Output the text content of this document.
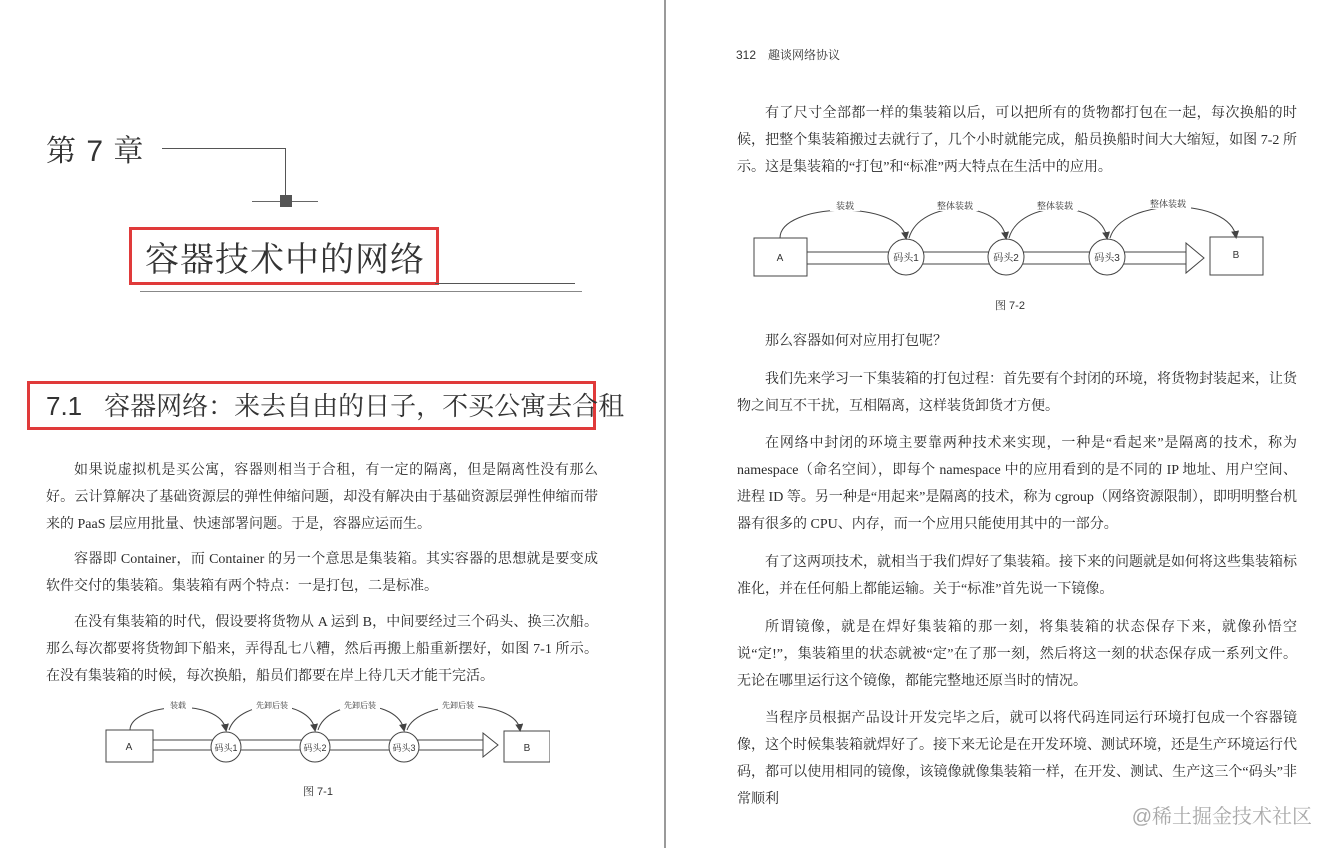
第 7 章
容器技术中的网络
7.1 容器网络：来去自由的日子，不买公寓去合租

如果说虚拟机是买公寓，容器则相当于合租，有一定的隔离，但是隔离性没有那么好。云计算解决了基础资源层的弹性伸缩问题，却没有解决由于基础资源层弹性伸缩而带来的 PaaS 层应用批量、快速部署问题。于是，容器应运而生。

容器即 Container，而 Container 的另一个意思是集装箱。其实容器的思想就是要变成软件交付的集装箱。集装箱有两个特点：一是打包，二是标准。

在没有集装箱的时代，假设要将货物从 A 运到 B，中间要经过三个码头、换三次船。那么每次都要将货物卸下船来，弄得乱七八糟，然后再搬上船重新摆好，如图 7-1 所示。在没有集装箱的时候，每次换船，船员们都要在岸上待几天才能干完活。

A	B
码头1	码头2	码头3
装载	先卸后装	先卸后装	先卸后装
图 7-1
312 趣谈网络协议

有了尺寸全部都一样的集装箱以后，可以把所有的货物都打包在一起，每次换船的时候，把整个集装箱搬过去就行了，几个小时就能完成，船员换船时间大大缩短，如图 7-2 所示。这是集装箱的“打包”和“标准”两大特点在生活中的应用。

A	B
码头1	码头2	码头3
装载	整体装载	整体装载	整体装载
图 7-2

那么容器如何对应用打包呢？

我们先来学习一下集装箱的打包过程：首先要有个封闭的环境，将货物封装起来，让货物之间互不干扰，互相隔离，这样装货卸货才方便。

在网络中封闭的环境主要靠两种技术来实现，一种是“看起来”是隔离的技术，称为 namespace（命名空间），即每个 namespace 中的应用看到的是不同的 IP 地址、用户空间、进程 ID 等。另一种是“用起来”是隔离的技术，称为 cgroup（网络资源限制），即明明整台机器有很多的 CPU、内存，而一个应用只能使用其中的一部分。

有了这两项技术，就相当于我们焊好了集装箱。接下来的问题就是如何将这些集装箱标准化，并在任何船上都能运输。关于“标准”首先说一下镜像。

所谓镜像，就是在焊好集装箱的那一刻，将集装箱的状态保存下来，就像孙悟空说“定!”，集装箱里的状态就被“定”在了那一刻，然后将这一刻的状态保存成一系列文件。无论在哪里运行这个镜像，都能完整地还原当时的情况。

当程序员根据产品设计开发完毕之后，就可以将代码连同运行环境打包成一个容器镜像，这个时候集装箱就焊好了。接下来无论是在开发环境、测试环境，还是生产环境运行代码，都可以使用相同的镜像，该镜像就像集装箱一样，在开发、测试、生产这三个“码头”非常顺利

@稀土掘金技术社区
